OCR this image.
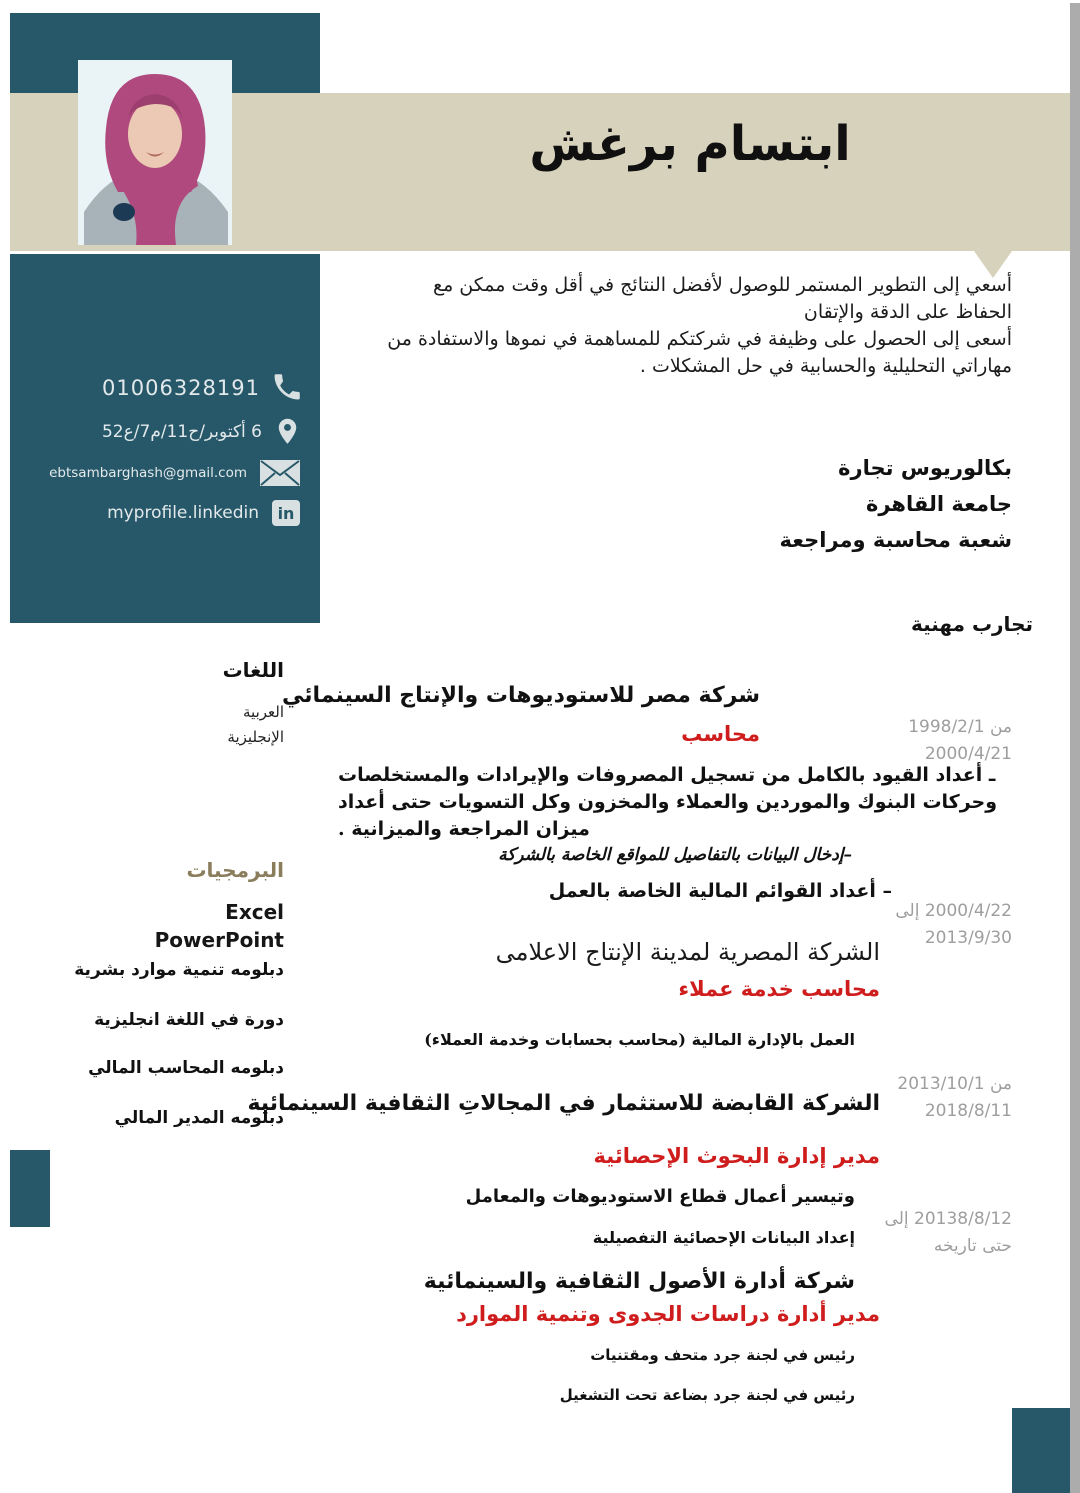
01006328191
6 أكتوبر/ح11/م7/ع52
ebtsambarghash@gmail.com
myprofile.linkedin	in
ابتسام برغش
أسعي إلى التطوير المستمر للوصول لأفضل النتائج في أقل وقت ممكن مع
الحفاظ على الدقة والإتقان
أسعى إلى الحصول على وظيفة في شركتكم للمساهمة في نموها والاستفادة من
مهاراتي التحليلية والحسابية في حل المشكلات .
بكالوريوس تجارة
جامعة القاهرة
شعبة محاسبة ومراجعة
تجارب مهنية
شركة مصر للاستوديوهات والإنتاج السينمائي
محاسب	من 1998/2/1
2000/4/21
ـ أعداد القيود بالكامل من تسجيل المصروفات والإيرادات والمستخلصات
وحركات البنوك والموردين والعملاء والمخزون وكل التسويات حتى أعداد
ميزان المراجعة والميزانية .
–إدخال البيانات بالتفاصيل للمواقع الخاصة بالشركة
– أعداد القوائم المالية الخاصة بالعمل
2000/4/22 إلى
2013/9/30
الشركة المصرية لمدينة الإنتاج الاعلامى
محاسب خدمة عملاء
العمل بالإدارة المالية (محاسب بحسابات وخدمة العملاء)
من 2013/10/1
2018/8/11
الشركة القابضة للاستثمار في المجالاتِ الثقافية السينمائية
مدير إدارة البحوث الإحصائية
وتيسير أعمال قطاع الاستوديوهات والمعامل
إعداد البيانات الإحصائية التفصيلية
20138/8/12 إلى
حتى تاريخه
شركة أدارة الأصول الثقافية والسينمائية
مدير أدارة دراسات الجدوى وتنمية الموارد
رئيس في لجنة جرد متحف ومقتنيات
رئيس في لجنة جرد بضاعة تحت التشغيل
اللغات
العربية
الإنجليزية
البرمجيات
Excel
PowerPoint
دبلومه تنمية موارد بشرية
دورة في اللغة انجليزية
دبلومه المحاسب المالي
دبلومه المدير المالي
